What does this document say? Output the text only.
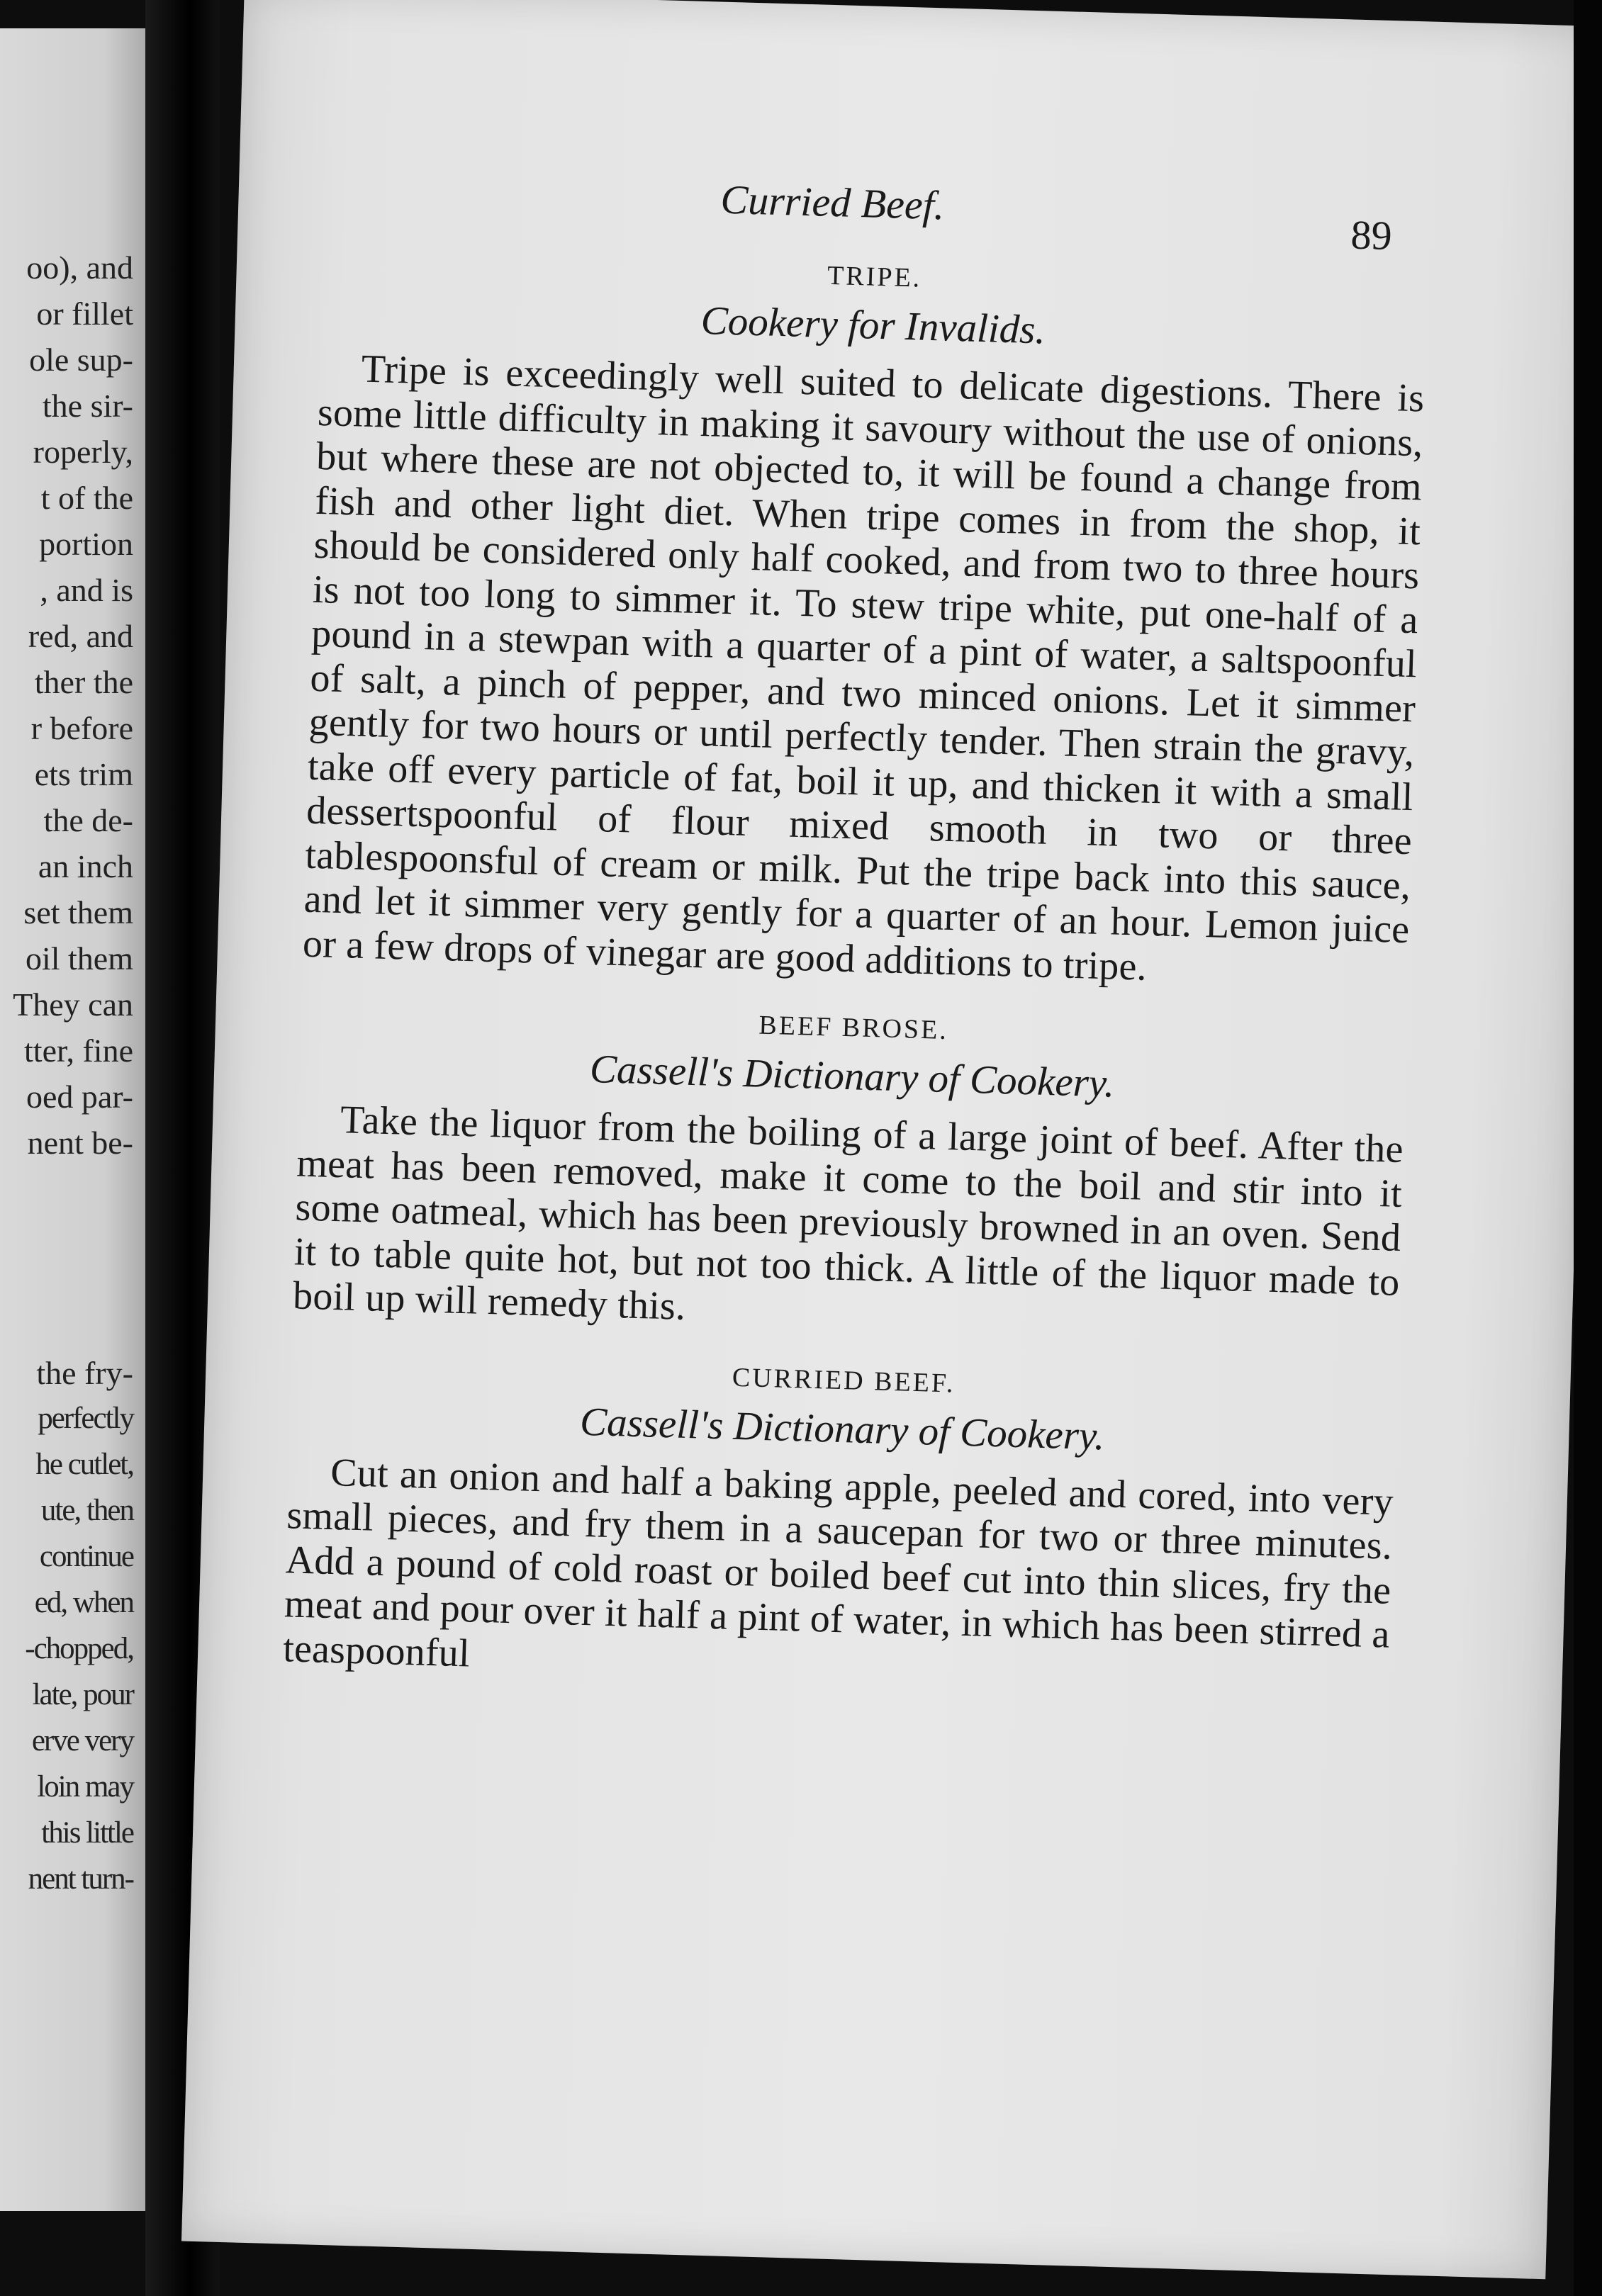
oo), and
or fillet
ole sup-
the sir-
roperly,
t of the
portion
, and is
red, and
ther the
r before
ets trim
the de-
an inch
set them
oil them
They can
tter, fine
oed par-
nent be-
the fry-
perfectly
he cutlet,
ute, then
continue
ed, when
-chopped,
late, pour
erve very
loin may
this little
nent turn-
Curried Beef.
89
TRIPE.
Cookery for Invalids.

Tripe is exceedingly well suited to delicate digestions. There is some little difficulty in making it savoury without the use of onions, but where these are not objected to, it will be found a change from fish and other light diet. When tripe comes in from the shop, it should be considered only half cooked, and from two to three hours is not too long to simmer it. To stew tripe white, put one-half of a pound in a stewpan with a quarter of a pint of water, a saltspoonful of salt, a pinch of pepper, and two minced onions. Let it simmer gently for two hours or until perfectly tender. Then strain the gravy, take off every particle of fat, boil it up, and thicken it with a small dessertspoonful of flour mixed smooth in two or three tablespoonsful of cream or milk. Put the tripe back into this sauce, and let it simmer very gently for a quarter of an hour. Lemon juice or a few drops of vinegar are good additions to tripe.

BEEF BROSE.
Cassell's Dictionary of Cookery.

Take the liquor from the boiling of a large joint of beef. After the meat has been removed, make it come to the boil and stir into it some oatmeal, which has been previously browned in an oven. Send it to table quite hot, but not too thick. A little of the liquor made to boil up will remedy this.

CURRIED BEEF.
Cassell's Dictionary of Cookery.

Cut an onion and half a baking apple, peeled and cored, into very small pieces, and fry them in a saucepan for two or three minutes. Add a pound of cold roast or boiled beef cut into thin slices, fry the meat and pour over it half a pint of water, in which has been stirred a teaspoonful
